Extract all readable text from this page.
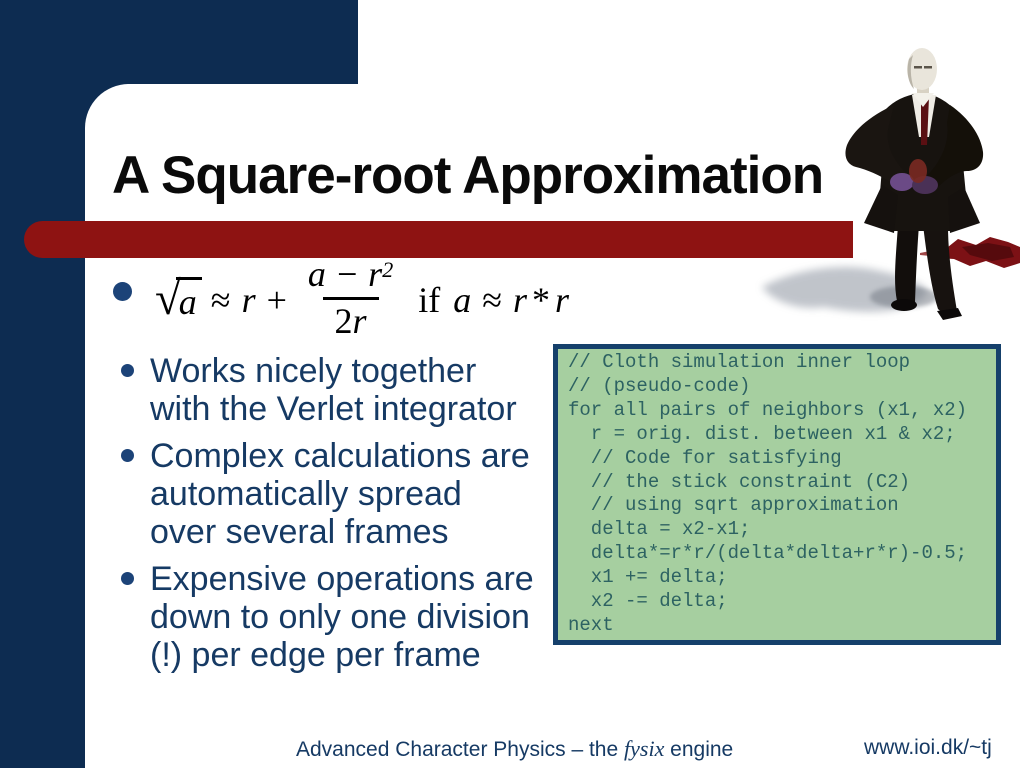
A Square-root Approximation
√
$a \approx r + \frac{a - r^2}{2r}$ if a ≈ r * r
Works nicely together with the Verlet integrator
Complex calculations are automatically spread over several frames
Expensive operations are down to only one division (!) per edge per frame
// Cloth simulation inner loop
// (pseudo-code)
for all pairs of neighbors (x1, x2)
r = orig. dist. between x1 & x2;
// Code for satisfying
// the stick constraint (C2)
// using sqrt approximation
delta = x2-x1;
delta*=r*r/(delta*delta+r*r)-0.5;
x1 += delta;
x2 -= delta;
next
Advanced Character Physics – the fysix engine	www.ioi.dk/~tj
